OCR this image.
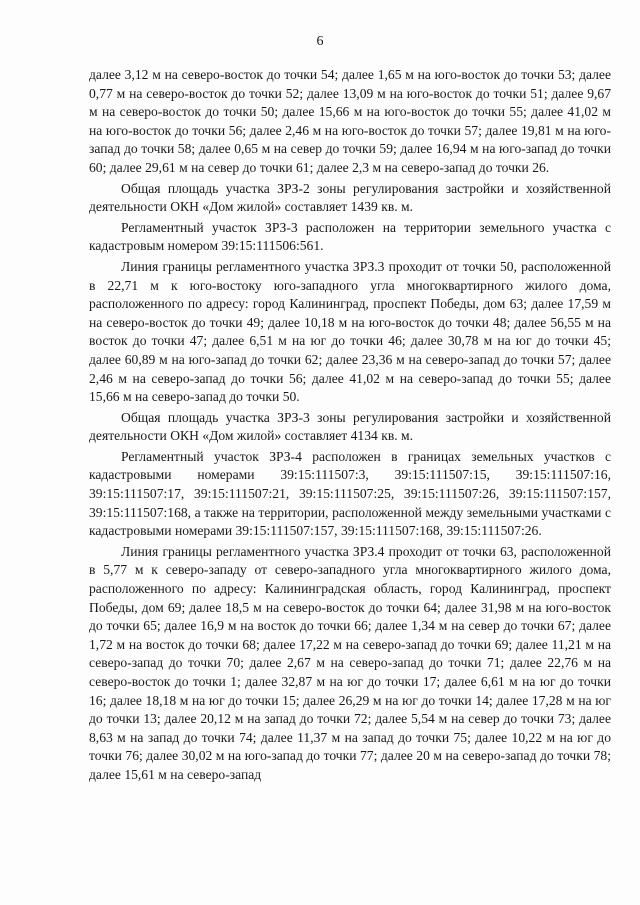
6

далее 3,12 м на северо-восток до точки 54; далее 1,65 м на юго-восток до точки 53; далее 0,77 м на северо-восток до точки 52; далее 13,09 м на юго-восток до точки 51; далее 9,67 м на северо-восток до точки 50; далее 15,66 м на юго-восток до точки 55; далее 41,02 м на юго-восток до точки 56; далее 2,46 м на юго-восток до точки 57; далее 19,81 м на юго-запад до точки 58; далее 0,65 м на север до точки 59; далее 16,94 м на юго-запад до точки 60; далее 29,61 м на север до точки 61; далее 2,3 м на северо-запад до точки 26.

Общая площадь участка ЗРЗ-2 зоны регулирования застройки и хозяйственной деятельности ОКН «Дом жилой» составляет 1439 кв. м.

Регламентный участок ЗРЗ-3 расположен на территории земельного участка с кадастровым номером 39:15:111506:561.

Линия границы регламентного участка ЗРЗ.3 проходит от точки 50, расположенной в 22,71 м к юго-востоку юго-западного угла многоквартирного жилого дома, расположенного по адресу: город Калининград, проспект Победы, дом 63; далее 17,59 м на северо-восток до точки 49; далее 10,18 м на юго-восток до точки 48; далее 56,55 м на восток до точки 47; далее 6,51 м на юг до точки 46; далее 30,78 м на юг до точки 45; далее 60,89 м на юго-запад до точки 62; далее 23,36 м на северо-запад до точки 57; далее 2,46 м на северо-запад до точки 56; далее 41,02 м на северо-запад до точки 55; далее 15,66 м на северо-запад до точки 50.

Общая площадь участка ЗРЗ-3 зоны регулирования застройки и хозяйственной деятельности ОКН «Дом жилой» составляет 4134 кв. м.

Регламентный участок ЗРЗ-4 расположен в границах земельных участков с кадастровыми номерами 39:15:111507:3, 39:15:111507:15, 39:15:111507:16, 39:15:111507:17, 39:15:111507:21, 39:15:111507:25, 39:15:111507:26, 39:15:111507:157, 39:15:111507:168, а также на территории, расположенной между земельными участками с кадастровыми номерами 39:15:111507:157, 39:15:111507:168, 39:15:111507:26.

Линия границы регламентного участка ЗРЗ.4 проходит от точки 63, расположенной в 5,77 м к северо-западу от северо-западного угла многоквартирного жилого дома, расположенного по адресу: Калининградская область, город Калининград, проспект Победы, дом 69; далее 18,5 м на северо-восток до точки 64; далее 31,98 м на юго-восток до точки 65; далее 16,9 м на восток до точки 66; далее 1,34 м на север до точки 67; далее 1,72 м на восток до точки 68; далее 17,22 м на северо-запад до точки 69; далее 11,21 м на северо-запад до точки 70; далее 2,67 м на северо-запад до точки 71; далее 22,76 м на северо-восток до точки 1; далее 32,87 м на юг до точки 17; далее 6,61 м на юг до точки 16; далее 18,18 м на юг до точки 15; далее 26,29 м на юг до точки 14; далее 17,28 м на юг до точки 13; далее 20,12 м на запад до точки 72; далее 5,54 м на север до точки 73; далее 8,63 м на запад до точки 74; далее 11,37 м на запад до точки 75; далее 10,22 м на юг до точки 76; далее 30,02 м на юго-запад до точки 77; далее 20 м на северо-запад до точки 78; далее 15,61 м на северо-запад
